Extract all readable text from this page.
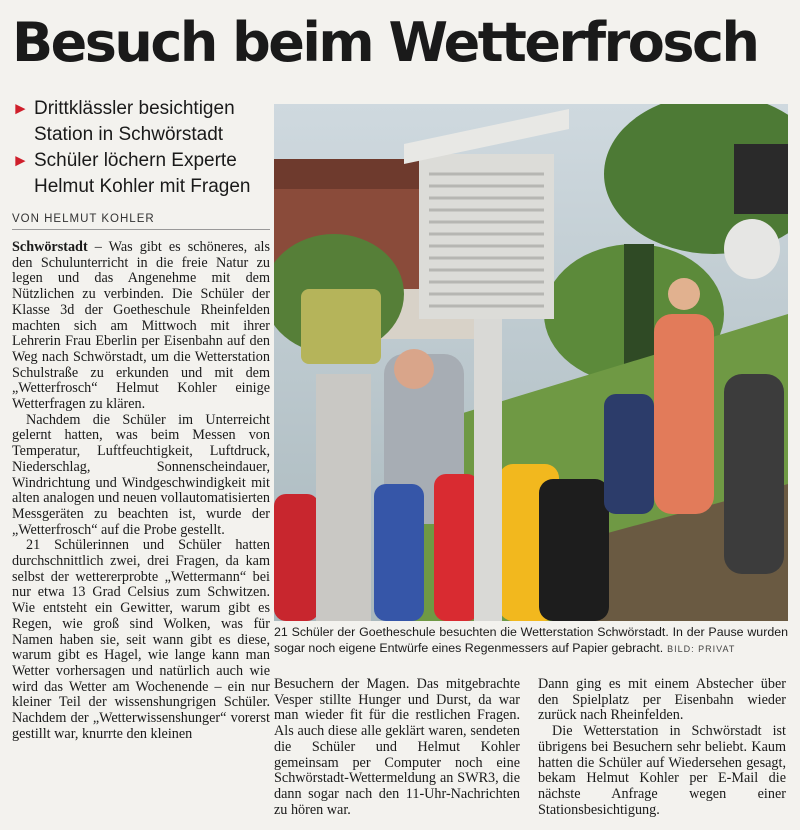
Besuch beim Wetterfrosch
► Drittklässler besichtigen Station in Schwörstadt
► Schüler löchern Experte Helmut Kohler mit Fragen
VON HELMUT KOHLER

Schwörstadt – Was gibt es schöneres, als den Schulunterricht in die freie Natur zu legen und das Angenehme mit dem Nützlichen zu verbinden. Die Schüler der Klasse 3d der Goetheschule Rheinfelden machten sich am Mittwoch mit ihrer Lehrerin Frau Eberlin per Eisenbahn auf den Weg nach Schwörstadt, um die Wetterstation Schulstraße zu erkunden und mit dem „Wetterfrosch“ Helmut Kohler einige Wetterfragen zu klären.

Nachdem die Schüler im Unterreicht gelernt hatten, was beim Messen von Temperatur, Luftfeuchtigkeit, Luftdruck, Niederschlag, Sonnenscheindauer, Windrichtung und Windgeschwindigkeit mit alten analogen und neuen vollautomatisierten Messgeräten zu beachten ist, wurde der „Wetterfrosch“ auf die Probe gestellt.

21 Schülerinnen und Schüler hatten durchschnittlich zwei, drei Fragen, da kam selbst der wettererprobte „Wettermann“ bei nur etwa 13 Grad Celsius zum Schwitzen. Wie entsteht ein Gewitter, warum gibt es Regen, wie groß sind Wolken, was für Namen haben sie, seit wann gibt es diese, warum gibt es Hagel, wie lange kann man Wetter vorhersagen und natürlich auch wie wird das Wetter am Wochenende – ein nur kleiner Teil der wissenshungrigen Schüler. Nachdem der „Wetterwissenshunger“ vorerst gestillt war, knurrte den kleinen

21 Schüler der Goetheschule besuchten die Wetterstation Schwörstadt. In der Pause wurden sogar noch eigene Entwürfe eines Regenmessers auf Papier gebracht. BILD: PRIVAT

Besuchern der Magen. Das mitgebrachte Vesper stillte Hunger und Durst, da war man wieder fit für die restlichen Fragen. Als auch diese alle geklärt waren, sendeten die Schüler und Helmut Kohler gemeinsam per Computer noch eine Schwörstadt-Wettermeldung an SWR3, die dann sogar nach den 11-Uhr-Nachrichten zu hören war.

Dann ging es mit einem Abstecher über den Spielplatz per Eisenbahn wieder zurück nach Rheinfelden.

Die Wetterstation in Schwörstadt ist übrigens bei Besuchern sehr beliebt. Kaum hatten die Schüler auf Wiedersehen gesagt, bekam Helmut Kohler per E-Mail die nächste Anfrage wegen einer Stationsbesichtigung.
